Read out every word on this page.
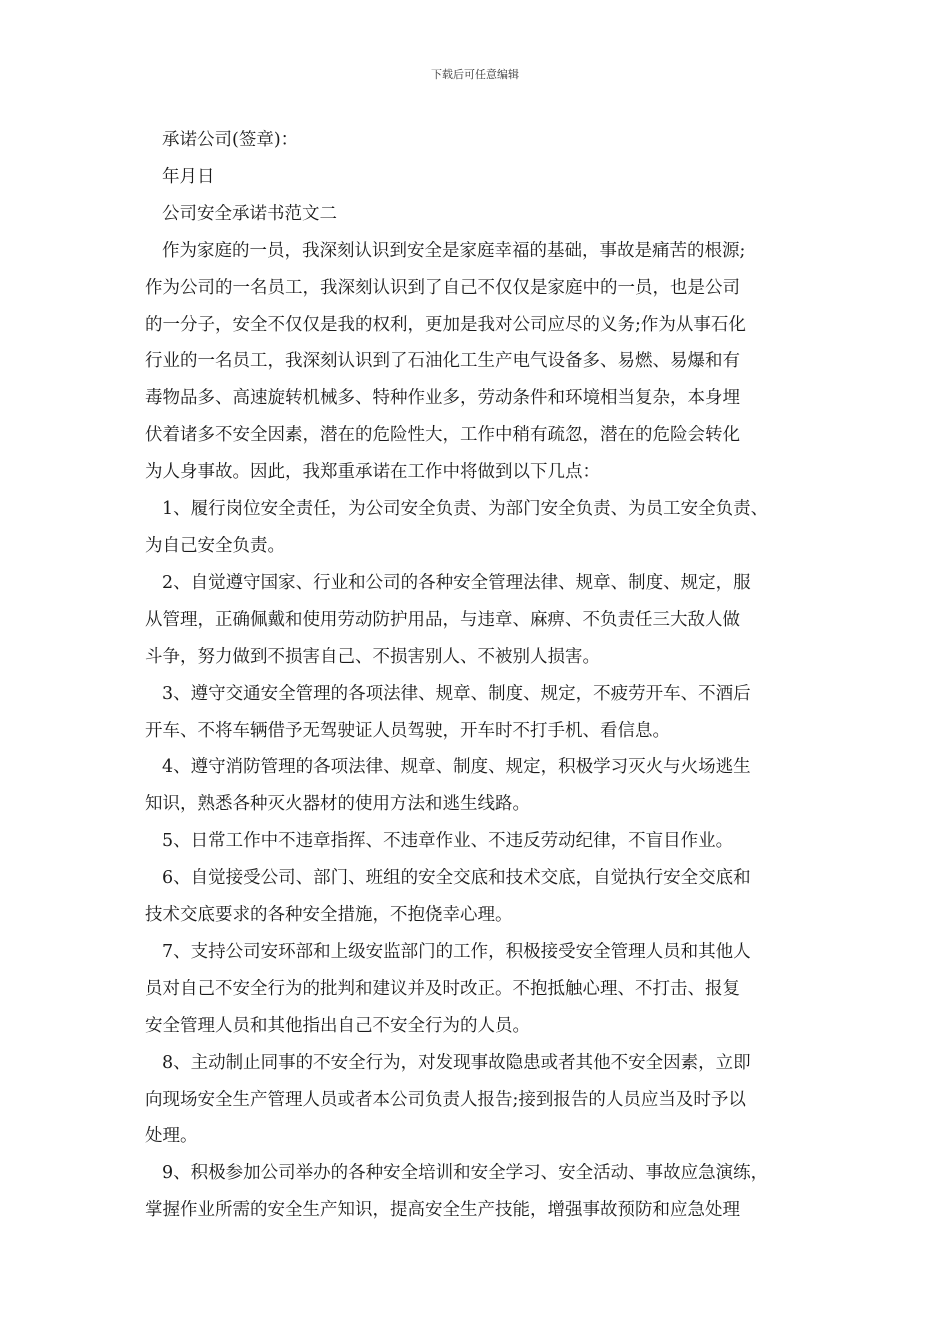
下载后可任意编辑
承诺公司(签章)：
年月日
公司安全承诺书范文二
作为家庭的一员，我深刻认识到安全是家庭幸福的基础，事故是痛苦的根源;
作为公司的一名员工，我深刻认识到了自己不仅仅是家庭中的一员，也是公司
的一分子，安全不仅仅是我的权利，更加是我对公司应尽的义务;作为从事石化
行业的一名员工，我深刻认识到了石油化工生产电气设备多、易燃、易爆和有
毒物品多、高速旋转机械多、特种作业多，劳动条件和环境相当复杂，本身埋
伏着诸多不安全因素，潜在的危险性大，工作中稍有疏忽，潜在的危险会转化
为人身事故。因此，我郑重承诺在工作中将做到以下几点：
1、履行岗位安全责任，为公司安全负责、为部门安全负责、为员工安全负责、
为自己安全负责。
2、自觉遵守国家、行业和公司的各种安全管理法律、规章、制度、规定，服
从管理，正确佩戴和使用劳动防护用品，与违章、麻痹、不负责任三大敌人做
斗争，努力做到不损害自己、不损害别人、不被别人损害。
3、遵守交通安全管理的各项法律、规章、制度、规定，不疲劳开车、不酒后
开车、不将车辆借予无驾驶证人员驾驶，开车时不打手机、看信息。
4、遵守消防管理的各项法律、规章、制度、规定，积极学习灭火与火场逃生
知识，熟悉各种灭火器材的使用方法和逃生线路。
5、日常工作中不违章指挥、不违章作业、不违反劳动纪律，不盲目作业。
6、自觉接受公司、部门、班组的安全交底和技术交底，自觉执行安全交底和
技术交底要求的各种安全措施，不抱侥幸心理。
7、支持公司安环部和上级安监部门的工作，积极接受安全管理人员和其他人
员对自己不安全行为的批判和建议并及时改正。不抱抵触心理、不打击、报复
安全管理人员和其他指出自己不安全行为的人员。
8、主动制止同事的不安全行为，对发现事故隐患或者其他不安全因素，立即
向现场安全生产管理人员或者本公司负责人报告;接到报告的人员应当及时予以
处理。
9、积极参加公司举办的各种安全培训和安全学习、安全活动、事故应急演练，
掌握作业所需的安全生产知识，提高安全生产技能，增强事故预防和应急处理
